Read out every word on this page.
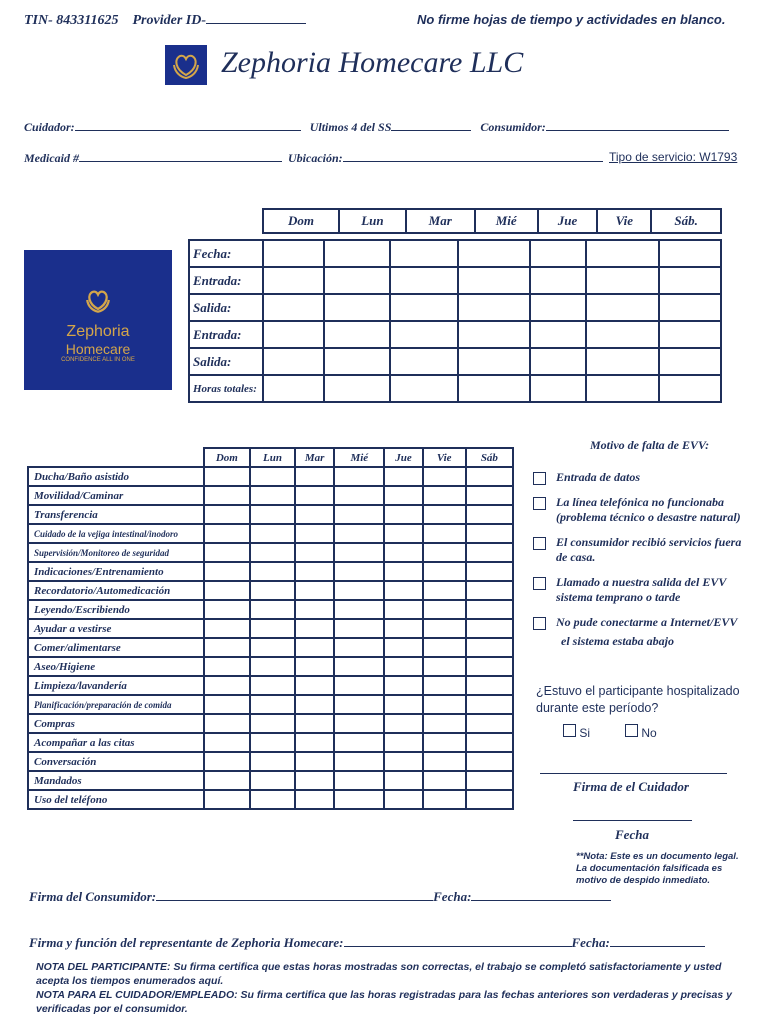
TIN- 843311625 Provider ID-	No firme hojas de tiempo y actividades en blanco.
Zephoria Homecare LLC
Cuidador:	Ultimos 4 del SS	Consumidor:
Medicaid #	Ubicación:	Tipo de servicio: W1793
Dom	Lun	Mar	Mié	Jue	Vie	Sáb.
Fecha:							
Entrada:							
Salida:							
Entrada:							
Salida:							
Horas totales:							
Zephoria
Homecare
CONFIDENCE ALL IN ONE
	Dom	Lun	Mar	Mié	Jue	Vie	Sáb
Ducha/Baño asistido							
Movilidad/Caminar							
Transferencia							
Cuidado de la vejiga intestinal/inodoro							
Supervisión/Monitoreo de seguridad							
Indicaciones/Entrenamiento							
Recordatorio/Automedicación							
Leyendo/Escribiendo							
Ayudar a vestirse							
Comer/alimentarse							
Aseo/Higiene							
Limpieza/lavandería							
Planificación/preparación de comida							
Compras							
Acompañar a las citas							
Conversación							
Mandados							
Uso del teléfono							
Motivo de falta de EVV:
Entrada de datos
La línea telefónica no funcionaba
(problema técnico o desastre natural)
El consumidor recibió servicios fuera
de casa.
Llamado a nuestra salida del EVV
sistema temprano o tarde
No pude conectarme a Internet/EVV
el sistema estaba abajo
¿Estuvo el participante hospitalizado
durante este período?
Si	No
Firma de el Cuidador
Fecha
**Nota: Este es un documento legal.
La documentación falsificada es
motivo de despido inmediato.
Firma del Consumidor:	Fecha:
Firma y función del representante de Zephoria Homecare:	Fecha:
NOTA DEL PARTICIPANTE: Su firma certifica que estas horas mostradas son correctas, el trabajo se completó satisfactoriamente y usted acepta los tiempos enumerados aquí.
NOTA PARA EL CUIDADOR/EMPLEADO: Su firma certifica que las horas registradas para las fechas anteriores son verdaderas y precisas y verificadas por el consumidor.
